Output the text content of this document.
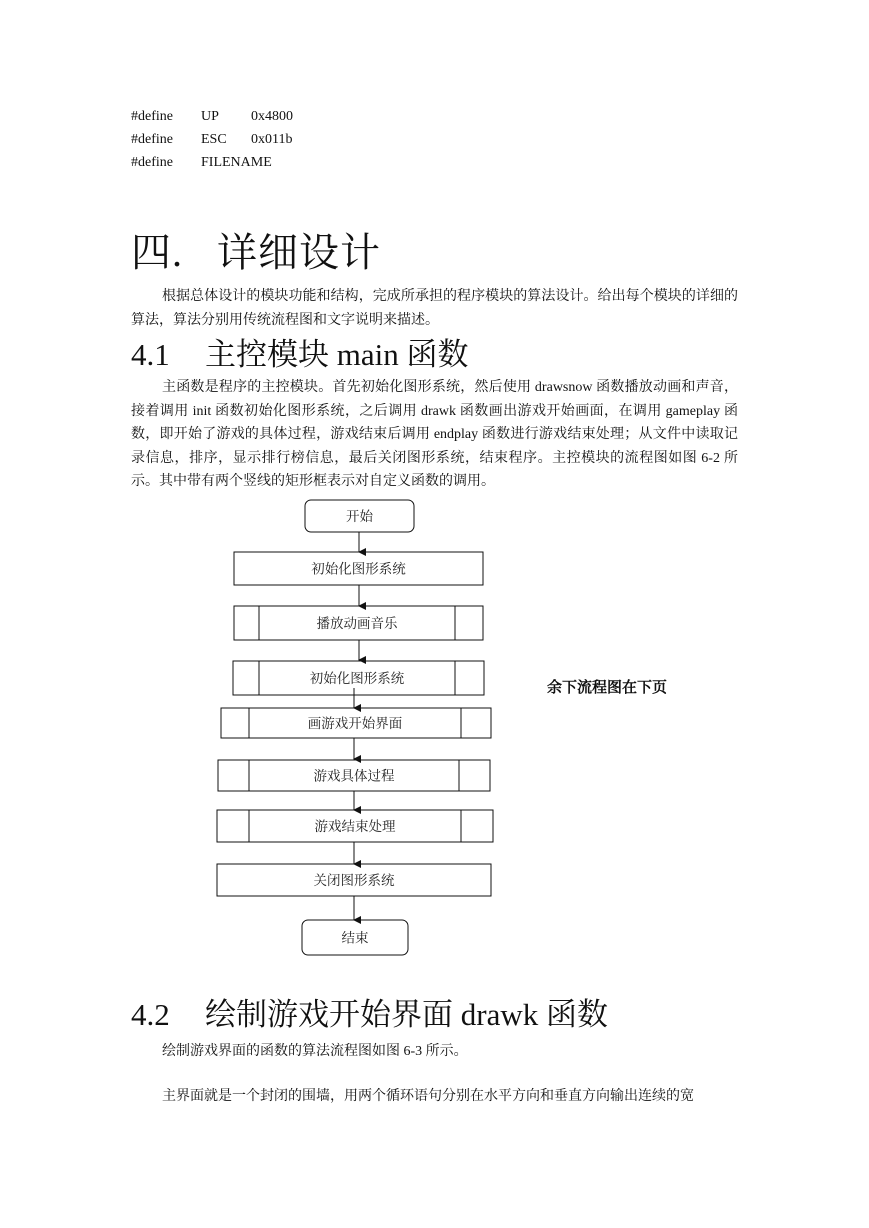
#define UP 0x4800
#define ESC 0x011b
#define FILENAME
四. 详细设计
根据总体设计的模块功能和结构，完成所承担的程序模块的算法设计。给出每个模块的详细的算法，算法分别用传统流程图和文字说明来描述。
4.1 主控模块 main 函数
主函数是程序的主控模块。首先初始化图形系统，然后使用 drawsnow 函数播放动画和声音，接着调用 init 函数初始化图形系统，之后调用 drawk 函数画出游戏开始画面，在调用 gameplay 函数，即开始了游戏的具体过程，游戏结束后调用 endplay 函数进行游戏结束处理；从文件中读取记录信息，排序，显示排行榜信息，最后关闭图形系统，结束程序。主控模块的流程图如图 6-2 所示。其中带有两个竖线的矩形框表示对自定义函数的调用。
开始
初始化图形系统
播放动画音乐
初始化图形系统
画游戏开始界面
游戏具体过程
游戏结束处理
关闭图形系统
结束
余下流程图在下页
4.2 绘制游戏开始界面 drawk 函数
绘制游戏界面的函数的算法流程图如图 6-3 所示。
主界面就是一个封闭的围墙，用两个循环语句分别在水平方向和垂直方向输出连续的宽
